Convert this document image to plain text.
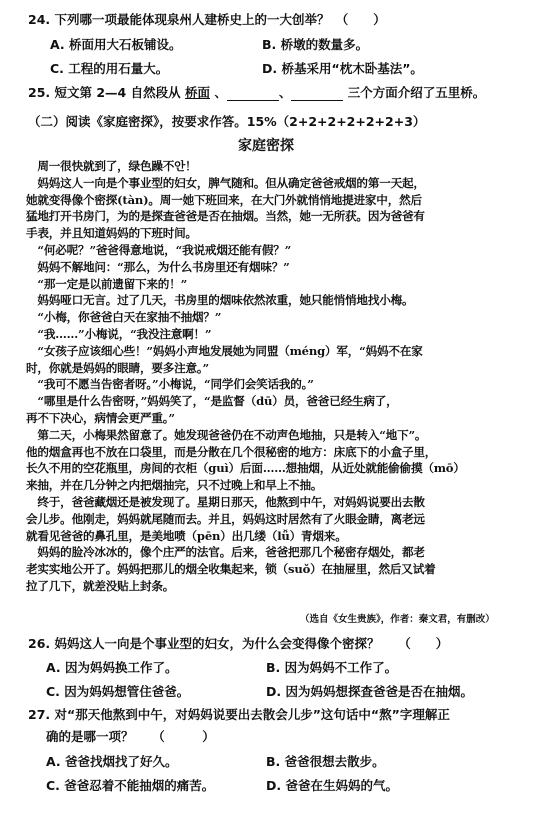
24. 下列哪一项最能体现泉州人建桥史上的一大创举？　（　　）
A. 桥面用大石板铺设。	B. 桥墩的数量多。
C. 工程的用石量大。	D. 桥基采用“枕木卧基法”。
25. 短文第 2—4 自然段从 桥面 、	、	三个方面介绍了五里桥。
（二）阅读《家庭密探》，按要求作答。15%（2+2+2+2+2+2+3）
家庭密探
　周一很快就到了，绿色躁不안！
　妈妈这人一向是个事业型的妇女，脾气随和。但从确定爸爸戒烟的第一天起，
她就变得像个密探(tàn)。周一她下班回来，在大门外就悄悄地提进家中，然后
猛地打开书房门，为的是探查爸爸是否在抽烟。当然，她一无所获。因为爸爸有
手表，并且知道妈妈的下班时间。
　“何必呢？”爸爸得意地说，“我说戒烟还能有假？”
　妈妈不解地问：“那么，为什么书房里还有烟味？”
　“那一定是以前遗留下来的！”
　妈妈哑口无言。过了几天，书房里的烟味依然浓重，她只能悄悄地找小梅。
　“小梅，你爸爸白天在家抽不抽烟？”
　“我……”小梅说，“我没注意啊！”
　“女孩子应该细心些！”妈妈小声地发展她为同盟（méng）军，“妈妈不在家
时，你就是妈妈的眼睛，要多注意。”
　“我可不愿当告密者呀。”小梅说，“同学们会笑话我的。”
　“哪里是什么告密呀，”妈妈笑了，“是监督（dū）员，爸爸已经生病了，
再不下决心，病情会更严重。”
　第二天，小梅果然留意了。她发现爸爸仍在不动声色地抽，只是转入“地下”。
他的烟盒再也不放在口袋里，而是分散在几个很秘密的地方：床底下的小盒子里，
长久不用的空花瓶里，房间的衣柜（guì）后面……想抽烟，从近处就能偷偷摸（mō）
来抽，并在几分钟之内把烟抽完，只不过晚上和早上不抽。
　终于，爸爸藏烟还是被发现了。星期日那天，他熬到中午，对妈妈说要出去散
会儿步。他刚走，妈妈就尾随而去。并且，妈妈这时居然有了火眼金睛，离老远
就看见爸爸的鼻孔里，是美地喷（pēn）出几缕（lǚ）青烟来。
　妈妈的脸冷冰冰的，像个庄严的法官。后来，爸爸把那几个秘密存烟处，都老
老实实地公开了。妈妈把那儿的烟全收集起来，锁（suǒ）在抽屉里，然后又试着
拉了几下，就差没贴上封条。
（选自《女生贵族》，作者：秦文君，有删改）
26. 妈妈这人一向是个事业型的妇女，为什么会变得像个密探？　　（　　）
A. 因为妈妈换工作了。	B. 因为妈妈不工作了。
C. 因为妈妈想管住爸爸。	D. 因为妈妈想探查爸爸是否在抽烟。
27. 对“那天他熬到中午，对妈妈说要出去散会儿步”这句话中“熬”字理解正
确的是哪一项？　　（　　　）
A. 爸爸找烟找了好久。	B. 爸爸很想去散步。
C. 爸爸忍着不能抽烟的痛苦。	D. 爸爸在生妈妈的气。
